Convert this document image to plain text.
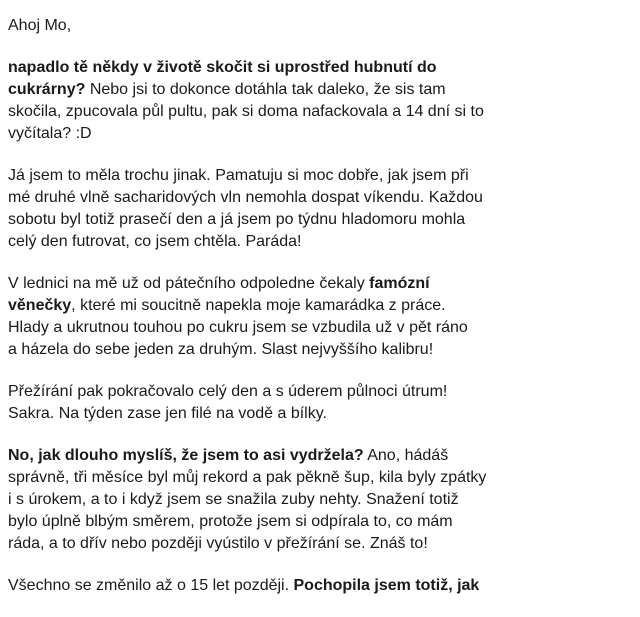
Ahoj Mo,

napadlo tě někdy v životě skočit si uprostřed hubnutí do
cukrárny? Nebo jsi to dokonce dotáhla tak daleko, že sis tam
skočila, zpucovala půl pultu, pak si doma nafackovala a 14 dní si to
vyčítala? :D

Já jsem to měla trochu jinak. Pamatuju si moc dobře, jak jsem při
mé druhé vlně sacharidových vln nemohla dospat víkendu. Každou
sobotu byl totiž prasečí den a já jsem po týdnu hladomoru mohla
celý den futrovat, co jsem chtěla. Paráda!

V lednici na mě už od pátečního odpoledne čekaly famózní
věnečky, které mi soucitně napekla moje kamarádka z práce.
Hlady a ukrutnou touhou po cukru jsem se vzbudila už v pět ráno
a házela do sebe jeden za druhým. Slast nejvyššího kalibru!

Přežírání pak pokračovalo celý den a s úderem půlnoci útrum!
Sakra. Na týden zase jen filé na vodě a bílky.

No, jak dlouho myslíš, že jsem to asi vydržela? Ano, hádáš
správně, tři měsíce byl můj rekord a pak pěkně šup, kila byly zpátky
i s úrokem, a to i když jsem se snažila zuby nehty. Snažení totiž
bylo úplně blbým směrem, protože jsem si odpírala to, co mám
ráda, a to dřív nebo později vyústilo v přežírání se. Znáš to!

Všechno se změnilo až o 15 let později. Pochopila jsem totiž, jak
